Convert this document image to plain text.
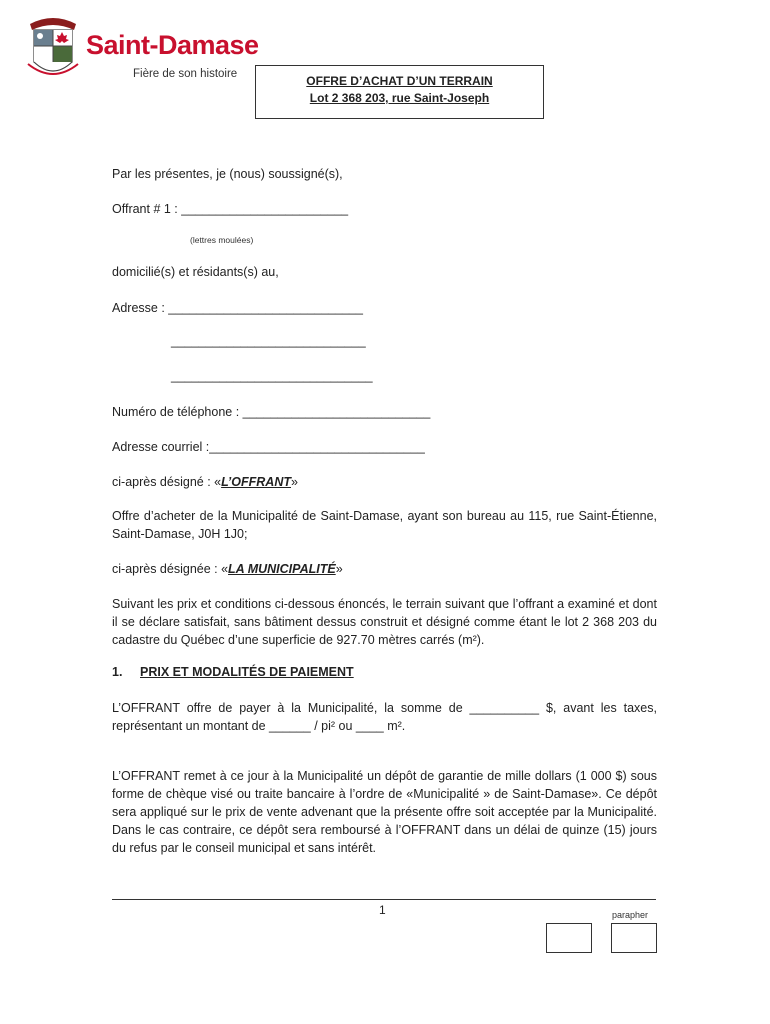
Saint-Damase
Fière de son histoire	OFFRE D’ACHAT D’UN TERRAIN
Lot 2 368 203, rue Saint-Joseph
Par les présentes, je (nous) soussigné(s),
Offrant # 1 : ________________________
(lettres moulées)
domicilié(s) et résidants(s) au,
Adresse : ____________________________
____________________________
_____________________________
Numéro de téléphone : ___________________________
Adresse courriel :_______________________________
ci-après désigné : «L’OFFRANT»
Offre d’acheter de la Municipalité de Saint-Damase, ayant son bureau au 115, rue Saint-Étienne, Saint-Damase, J0H 1J0;
ci-après désignée : «LA MUNICIPALITÉ»
Suivant les prix et conditions ci-dessous énoncés, le terrain suivant que l’offrant a examiné et dont il se déclare satisfait, sans bâtiment dessus construit et désigné comme étant le lot 2 368 203 du cadastre du Québec d’une superficie de 927.70 mètres carrés (m²).
1. PRIX ET MODALITÉS DE PAIEMENT
L’OFFRANT offre de payer à la Municipalité, la somme de __________ $, avant les taxes, représentant un montant de ______ / pi² ou ____ m².
L’OFFRANT remet à ce jour à la Municipalité un dépôt de garantie de mille dollars (1 000 $) sous forme de chèque visé ou traite bancaire à l’ordre de «Municipalité » de Saint-Damase». Ce dépôt sera appliqué sur le prix de vente advenant que la présente offre soit acceptée par la Municipalité. Dans le cas contraire, ce dépôt sera remboursé à l’OFFRANT dans un délai de quinze (15) jours du refus par le conseil municipal et sans intérêt.
1	parapher
